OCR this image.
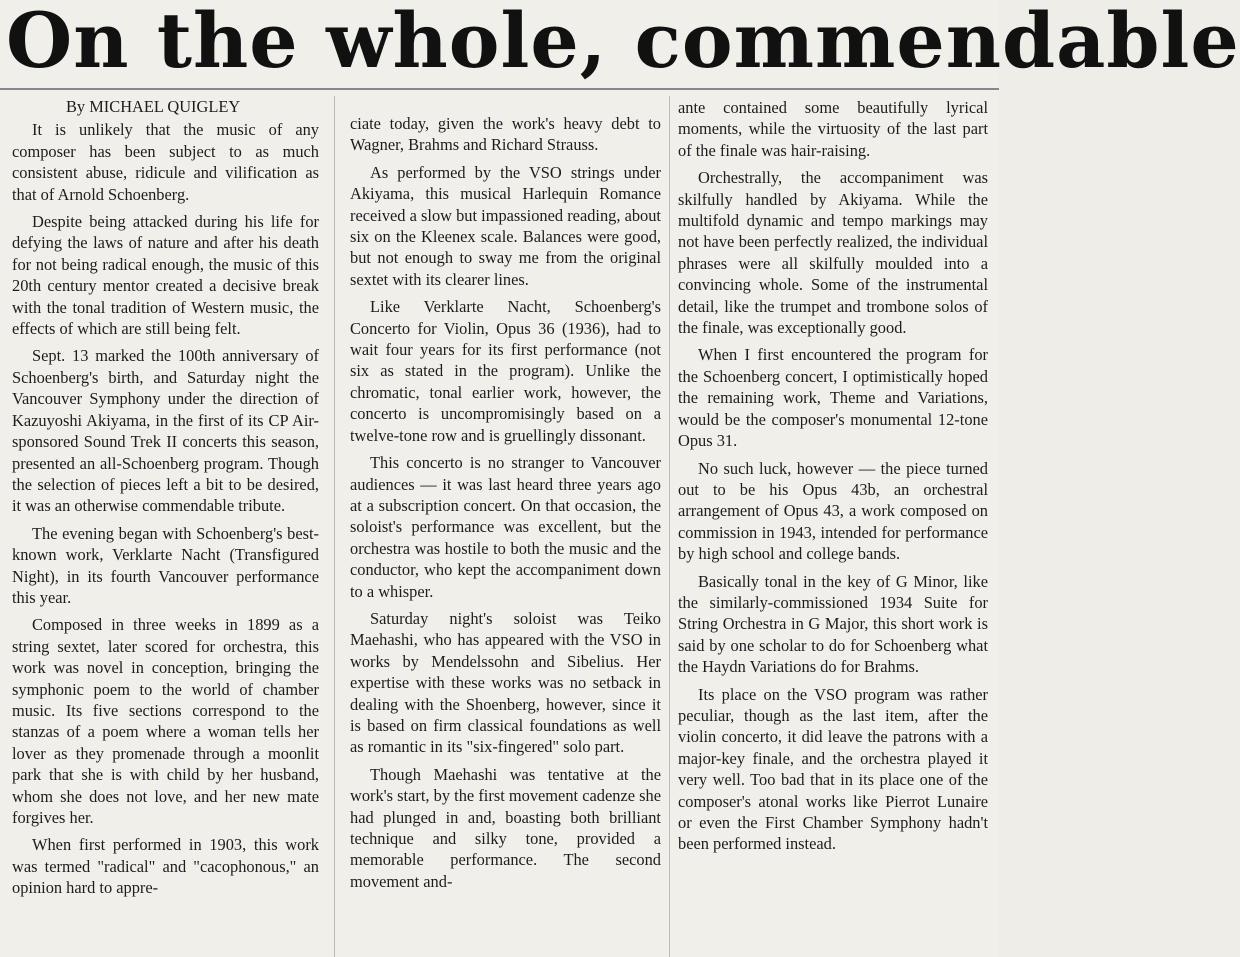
On the whole, commendable
By MICHAEL QUIGLEY

It is unlikely that the music of any composer has been subject to as much consistent abuse, ridicule and vilification as that of Arnold Schoenberg.

Despite being attacked during his life for defying the laws of nature and after his death for not being radical enough, the music of this 20th century mentor created a decisive break with the tonal tradition of Western music, the effects of which are still being felt.

Sept. 13 marked the 100th anniversary of Schoenberg's birth, and Saturday night the Vancouver Symphony under the direction of Kazuyoshi Akiyama, in the first of its CP Air-sponsored Sound Trek II concerts this season, presented an all-Schoenberg program. Though the selection of pieces left a bit to be desired, it was an otherwise commendable tribute.

The evening began with Schoenberg's best-known work, Verklarte Nacht (Transfigured Night), in its fourth Vancouver performance this year.

Composed in three weeks in 1899 as a string sextet, later scored for orchestra, this work was novel in conception, bringing the symphonic poem to the world of chamber music. Its five sections correspond to the stanzas of a poem where a woman tells her lover as they promenade through a moonlit park that she is with child by her husband, whom she does not love, and her new mate forgives her.

When first performed in 1903, this work was termed "radical" and "cacophonous," an opinion hard to appre-

ciate today, given the work's heavy debt to Wagner, Brahms and Richard Strauss.

As performed by the VSO strings under Akiyama, this musical Harlequin Romance received a slow but impassioned reading, about six on the Kleenex scale. Balances were good, but not enough to sway me from the original sextet with its clearer lines.

Like Verklarte Nacht, Schoenberg's Concerto for Violin, Opus 36 (1936), had to wait four years for its first performance (not six as stated in the program). Unlike the chromatic, tonal earlier work, however, the concerto is uncompromisingly based on a twelve-tone row and is gruellingly dissonant.

This concerto is no stranger to Vancouver audiences — it was last heard three years ago at a subscription concert. On that occasion, the soloist's performance was excellent, but the orchestra was hostile to both the music and the conductor, who kept the accompaniment down to a whisper.

Saturday night's soloist was Teiko Maehashi, who has appeared with the VSO in works by Mendelssohn and Sibelius. Her expertise with these works was no setback in dealing with the Shoenberg, however, since it is based on firm classical foundations as well as romantic in its "six-fingered" solo part.

Though Maehashi was tentative at the work's start, by the first movement cadenze she had plunged in and, boasting both brilliant technique and silky tone, provided a memorable performance. The second movement and-

ante contained some beautifully lyrical moments, while the virtuosity of the last part of the finale was hair-raising.

Orchestrally, the accompaniment was skilfully handled by Akiyama. While the multifold dynamic and tempo markings may not have been perfectly realized, the individual phrases were all skilfully moulded into a convincing whole. Some of the instrumental detail, like the trumpet and trombone solos of the finale, was exceptionally good.

When I first encountered the program for the Schoenberg concert, I optimistically hoped the remaining work, Theme and Variations, would be the composer's monumental 12-tone Opus 31.

No such luck, however — the piece turned out to be his Opus 43b, an orchestral arrangement of Opus 43, a work composed on commission in 1943, intended for performance by high school and college bands.

Basically tonal in the key of G Minor, like the similarly-commissioned 1934 Suite for String Orchestra in G Major, this short work is said by one scholar to do for Schoenberg what the Haydn Variations do for Brahms.

Its place on the VSO program was rather peculiar, though as the last item, after the violin concerto, it did leave the patrons with a major-key finale, and the orchestra played it very well. Too bad that in its place one of the composer's atonal works like Pierrot Lunaire or even the First Chamber Symphony hadn't been performed instead.
